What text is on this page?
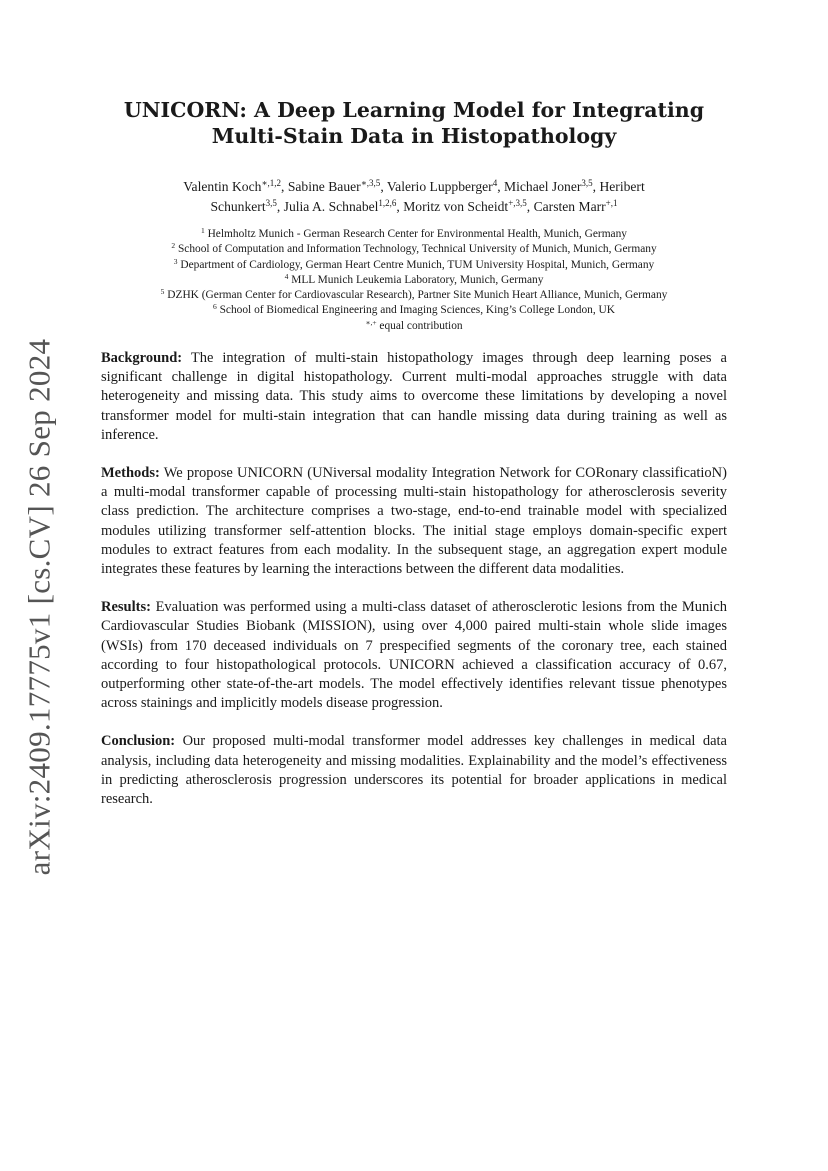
arXiv:2409.17775v1 [cs.CV] 26 Sep 2024
UNICORN: A Deep Learning Model for Integrating
Multi-Stain Data in Histopathology
Valentin Koch$^{∗,1,2}$, Sabine Bauer$^{∗,3,5}$, Valerio Luppberger$^4$, Michael Joner$^{3,5}$, Heribert
Schunkert$^{3,5}$, Julia A. Schnabel$^{1,2,6}$, Moritz von Scheidt$^{+,3,5}$, Carsten Marr$^{+,1}$
$^1$ Helmholtz Munich - German Research Center for Environmental Health, Munich, Germany
$^2$ School of Computation and Information Technology, Technical University of Munich, Munich, Germany
$^3$ Department of Cardiology, German Heart Centre Munich, TUM University Hospital, Munich, Germany
$^4$ MLL Munich Leukemia Laboratory, Munich, Germany
$^5$ DZHK (German Center for Cardiovascular Research), Partner Site Munich Heart Alliance, Munich, Germany
$^6$ School of Biomedical Engineering and Imaging Sciences, King’s College London, UK
∗,+ equal contribution

Background: The integration of multi-stain histopathology images through deep learning poses a significant challenge in digital histopathology. Current multi-modal approaches struggle with data heterogeneity and missing data. This study aims to overcome these limitations by developing a novel transformer model for multi-stain integration that can handle missing data during training as well as inference.

Methods: We propose UNICORN (UNiversal modality Integration Network for CORonary classificatioN) a multi-modal transformer capable of processing multi-stain histopathology for atherosclerosis severity class prediction. The architecture comprises a two-stage, end-to-end trainable model with specialized modules utilizing transformer self-attention blocks. The initial stage employs domain-specific expert modules to extract features from each modality. In the subsequent stage, an aggregation expert module integrates these features by learning the interactions between the different data modalities.

Results: Evaluation was performed using a multi-class dataset of atherosclerotic lesions from the Munich Cardiovascular Studies Biobank (MISSION), using over 4,000 paired multi-stain whole slide images (WSIs) from 170 deceased individuals on 7 prespecified segments of the coronary tree, each stained according to four histopathological protocols. UNICORN achieved a classification accuracy of 0.67, outperforming other state-of-the-art models. The model effectively identifies relevant tissue phenotypes across stainings and implicitly models disease progression.

Conclusion: Our proposed multi-modal transformer model addresses key challenges in medical data analysis, including data heterogeneity and missing modalities. Explainability and the model’s effectiveness in predicting atherosclerosis progression underscores its potential for broader applications in medical research.
